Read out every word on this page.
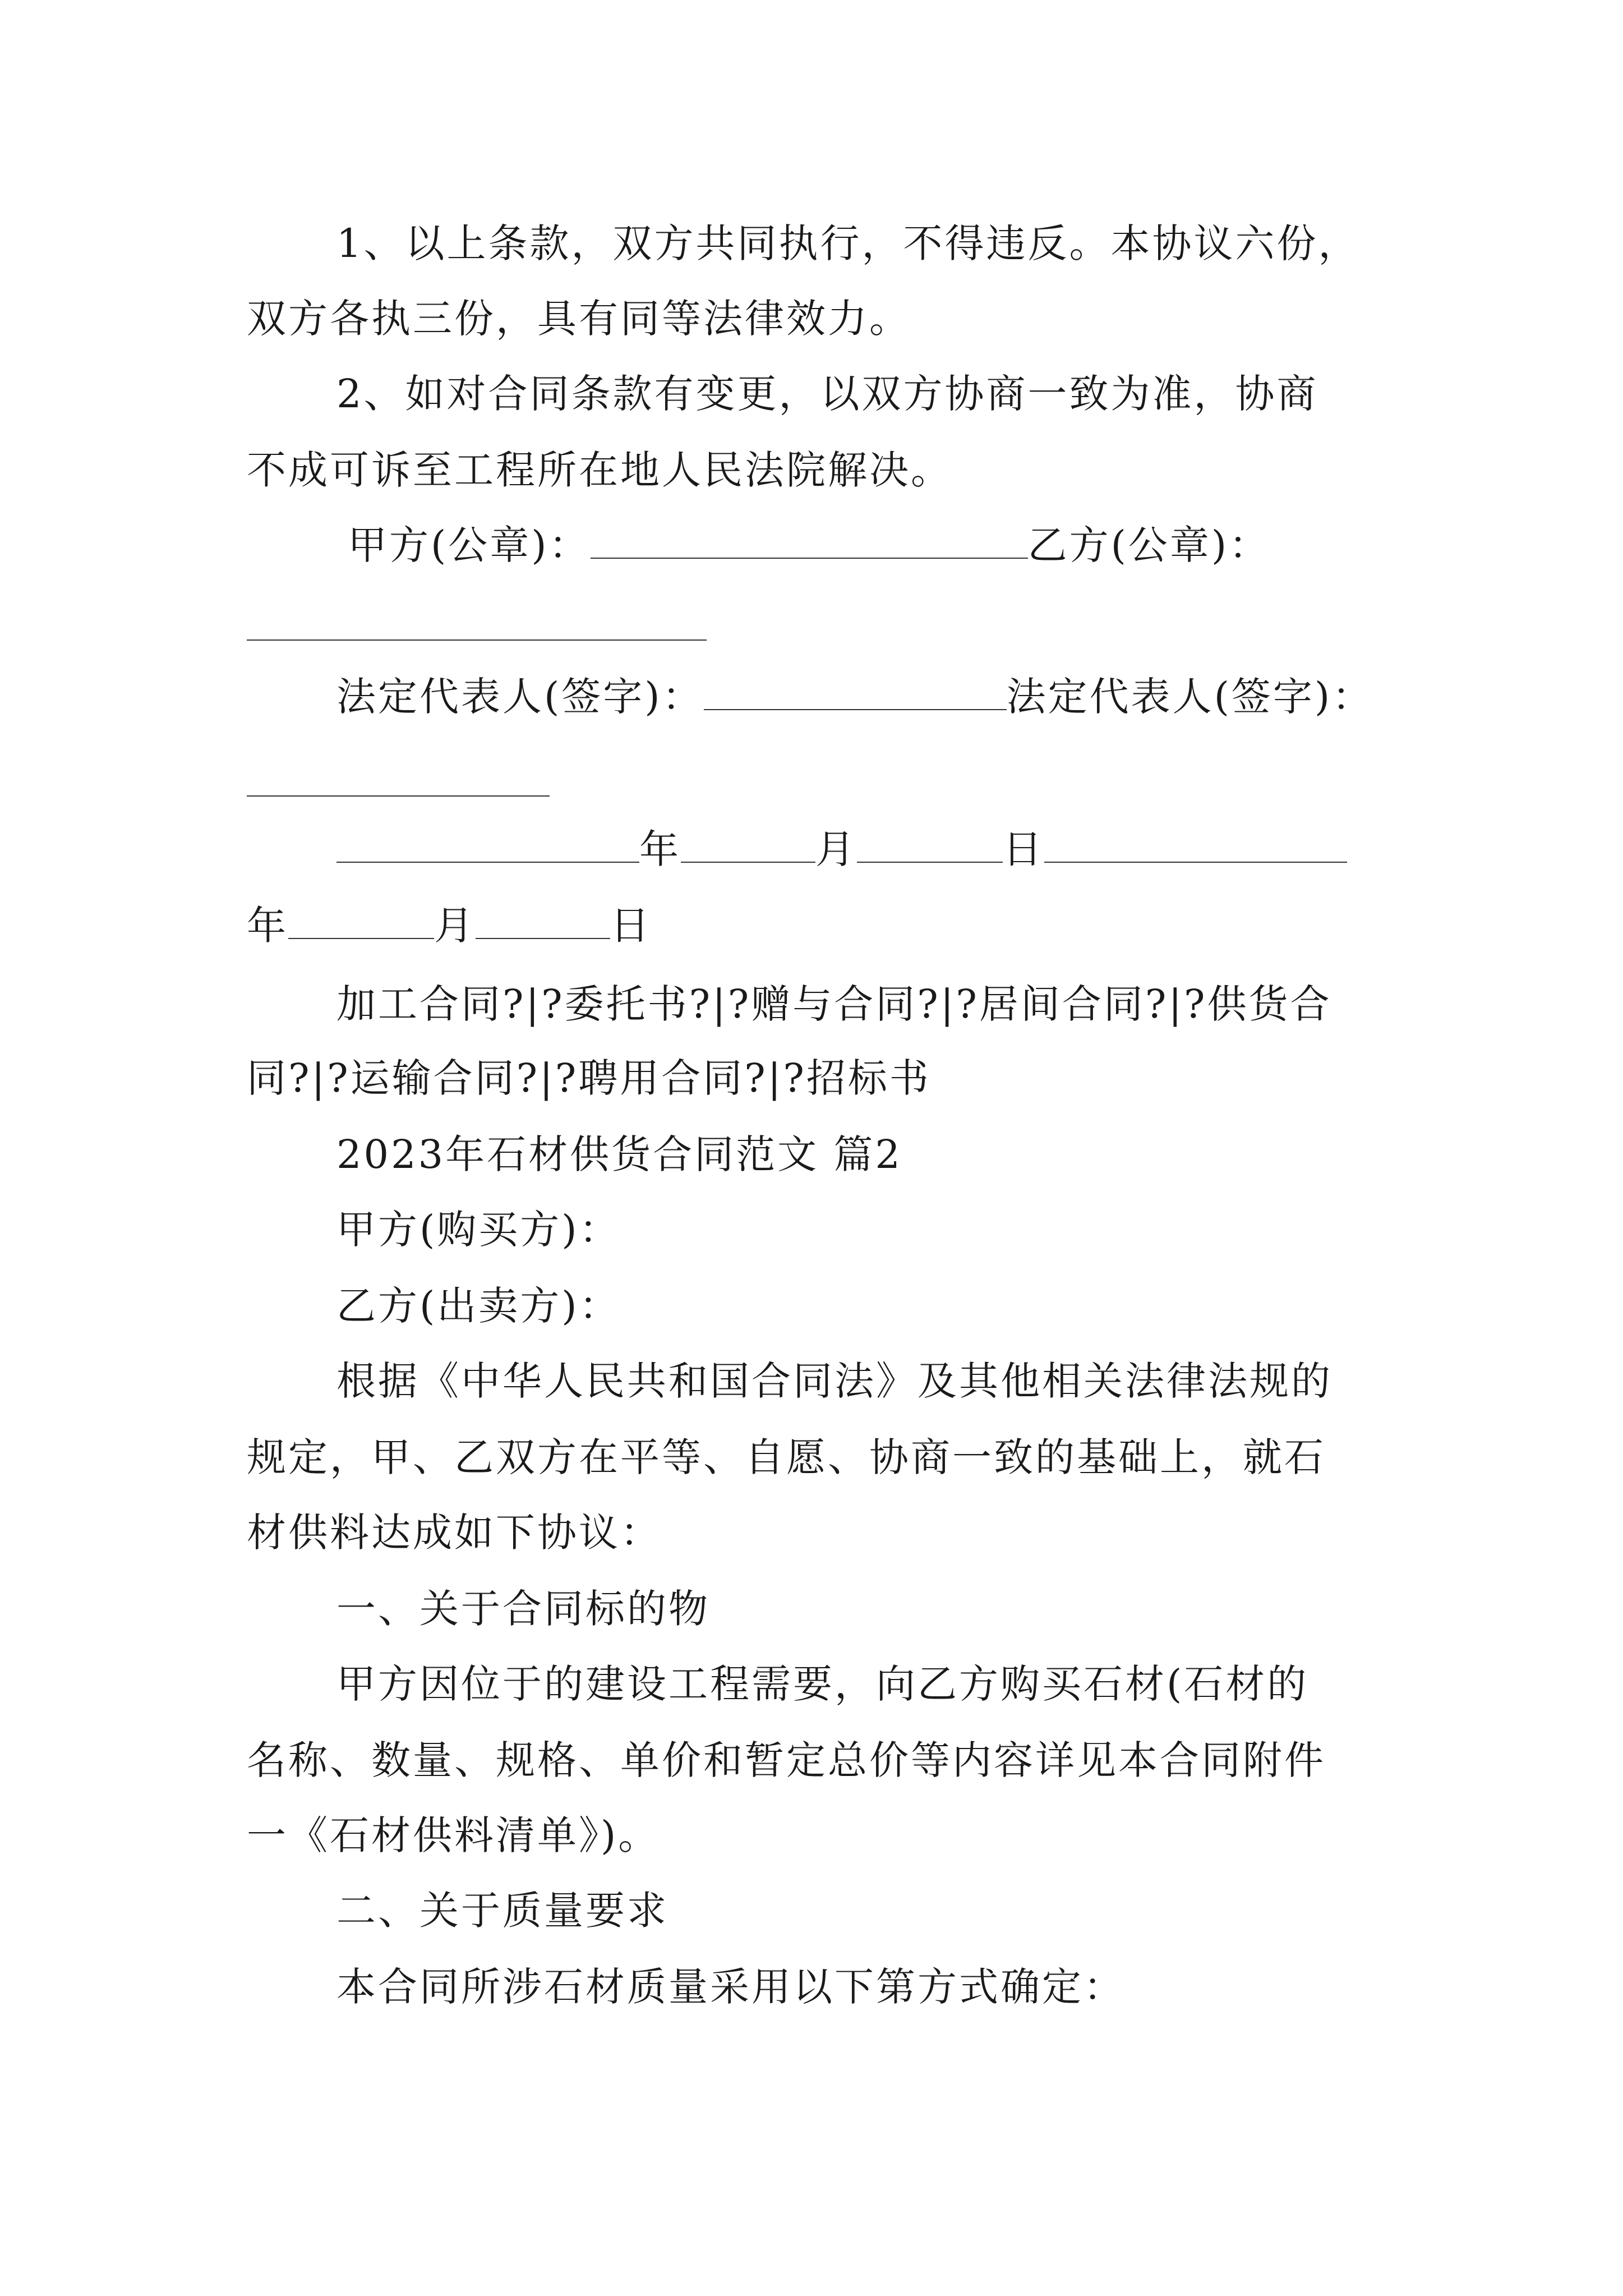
1、以上条款，双方共同执行，不得违反。本协议六份，
双方各执三份，具有同等法律效力。
2、如对合同条款有变更，以双方协商一致为准，协商
不成可诉至工程所在地人民法院解决。
甲方(公章)：	乙方(公章)：
法定代表人(签字)：	法定代表人(签字)：
年	月	日
年	月	日
加工合同?|?委托书?|?赠与合同?|?居间合同?|?供货合
同?|?运输合同?|?聘用合同?|?招标书
2023年石材供货合同范文 篇2
甲方(购买方)：
乙方(出卖方)：
根据《中华人民共和国合同法》及其他相关法律法规的
规定，甲、乙双方在平等、自愿、协商一致的基础上，就石
材供料达成如下协议：
一、关于合同标的物
甲方因位于的建设工程需要，向乙方购买石材(石材的
名称、数量、规格、单价和暂定总价等内容详见本合同附件
一《石材供料清单》)。
二、关于质量要求
本合同所涉石材质量采用以下第方式确定：
